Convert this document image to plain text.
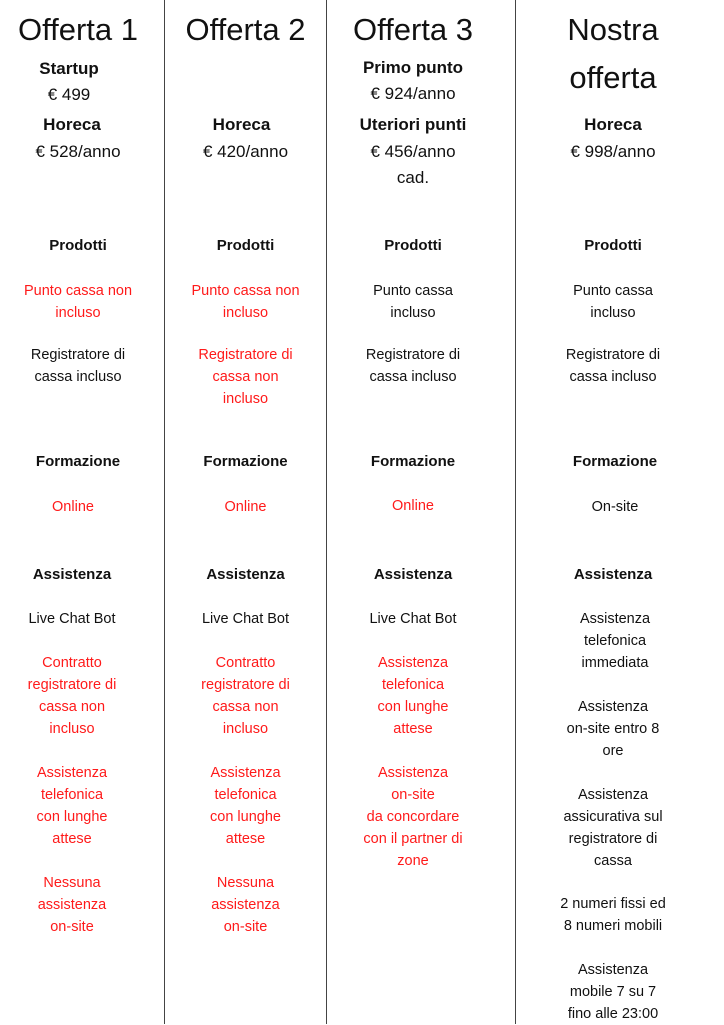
Offerta 1
Startup
€ 499
Horeca
€ 528/anno
Prodotti
Punto cassa non
incluso
Registratore di
cassa incluso
Formazione
Online
Assistenza
Live Chat Bot
Contratto
registratore di
cassa non
incluso
Assistenza
telefonica
con lunghe
attese
Nessuna
assistenza
on-site
Offerta 2
Horeca
€ 420/anno
Prodotti
Punto cassa non
incluso
Registratore di
cassa non
incluso
Formazione
Online
Assistenza
Live Chat Bot
Contratto
registratore di
cassa non
incluso
Assistenza
telefonica
con lunghe
attese
Nessuna
assistenza
on-site
Offerta 3
Primo punto
€ 924/anno
Uteriori punti
€ 456/anno
cad.
Prodotti
Punto cassa
incluso
Registratore di
cassa incluso
Formazione
Online
Assistenza
Live Chat Bot
Assistenza
telefonica
con lunghe
attese
Assistenza
on-site
da concordare
con il partner di
zone
Nostra
offerta
Horeca
€ 998/anno
Prodotti
Punto cassa
incluso
Registratore di
cassa incluso
Formazione
On-site
Assistenza
Assistenza
telefonica
immediata
Assistenza
on-site entro 8
ore
Assistenza
assicurativa sul
registratore di
cassa
2 numeri fissi ed
8 numeri mobili
Assistenza
mobile 7 su 7
fino alle 23:00
